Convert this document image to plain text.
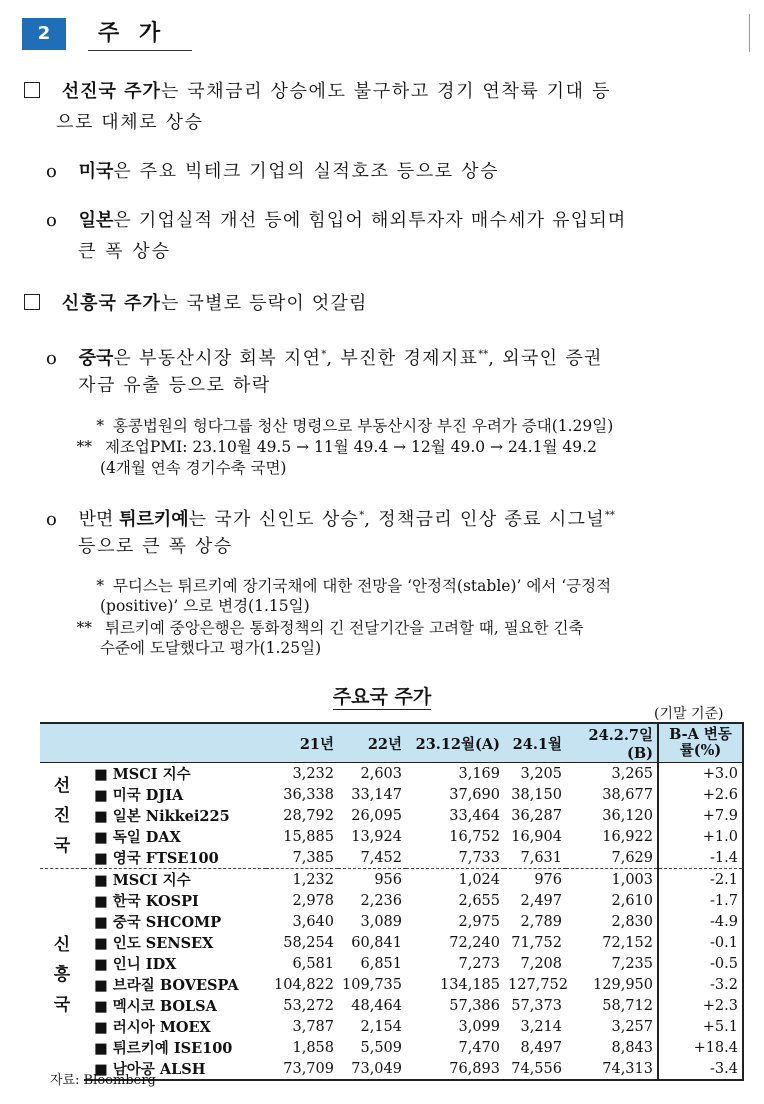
2	주 가
선진국 주가는 국채금리 상승에도 불구하고 경기 연착륙 기대 등
으로 대체로 상승
o 미국은 주요 빅테크 기업의 실적호조 등으로 상승
o 일본은 기업실적 개선 등에 힘입어 해외투자자 매수세가 유입되며
큰 폭 상승
신흥국 주가는 국별로 등락이 엇갈림
o 중국은 부동산시장 회복 지연*, 부진한 경제지표**, 외국인 증권
자금 유출 등으로 하락
* 홍콩법원의 헝다그룹 청산 명령으로 부동산시장 부진 우려가 증대(1.29일)
** 제조업PMI: 23.10월 49.5 → 11월 49.4 → 12월 49.0 → 24.1월 49.2
(4개월 연속 경기수축 국면)
o 반면 튀르키예는 국가 신인도 상승*, 정책금리 인상 종료 시그널**
등으로 큰 폭 상승
* 무디스는 튀르키예 장기국채에 대한 전망을 ‘안정적(stable)’ 에서 ‘긍정적
(positive)’ 으로 변경(1.15일)
** 튀르키예 중앙은행은 통화정책의 긴 전달기간을 고려할 때, 필요한 긴축
수준에 도달했다고 평가(1.25일)
주요국 주가
(기말 기준)
		21년	22년	23.12월(A)	24.1월	24.2.7일(B)	B-A 변동률(%)

선
진
국	■ MSCI 지수	3,232	2,603	3,169	3,205	3,265	+3.0
	■ 미국 DJIA	36,338	33,147	37,690	38,150	38,677	+2.6
	■ 일본 Nikkei225	28,792	26,095	33,464	36,287	36,120	+7.9
	■ 독일 DAX	15,885	13,924	16,752	16,904	16,922	+1.0
	■ 영국 FTSE100	7,385	7,452	7,733	7,631	7,629	-1.4

신
흥
국	■ MSCI 지수	1,232	956	1,024	976	1,003	-2.1
	■ 한국 KOSPI	2,978	2,236	2,655	2,497	2,610	-1.7
	■ 중국 SHCOMP	3,640	3,089	2,975	2,789	2,830	-4.9
	■ 인도 SENSEX	58,254	60,841	72,240	71,752	72,152	-0.1
	■ 인니 IDX	6,581	6,851	7,273	7,208	7,235	-0.5
	■ 브라질 BOVESPA	104,822	109,735	134,185	127,752	129,950	-3.2
	■ 멕시코 BOLSA	53,272	48,464	57,386	57,373	58,712	+2.3
	■ 러시아 MOEX	3,787	2,154	3,099	3,214	3,257	+5.1
	■ 튀르키예 ISE100	1,858	5,509	7,470	8,497	8,843	+18.4
	■ 남아공 ALSH	73,709	73,049	76,893	74,556	74,313	-3.4
자료: Bloomberg
